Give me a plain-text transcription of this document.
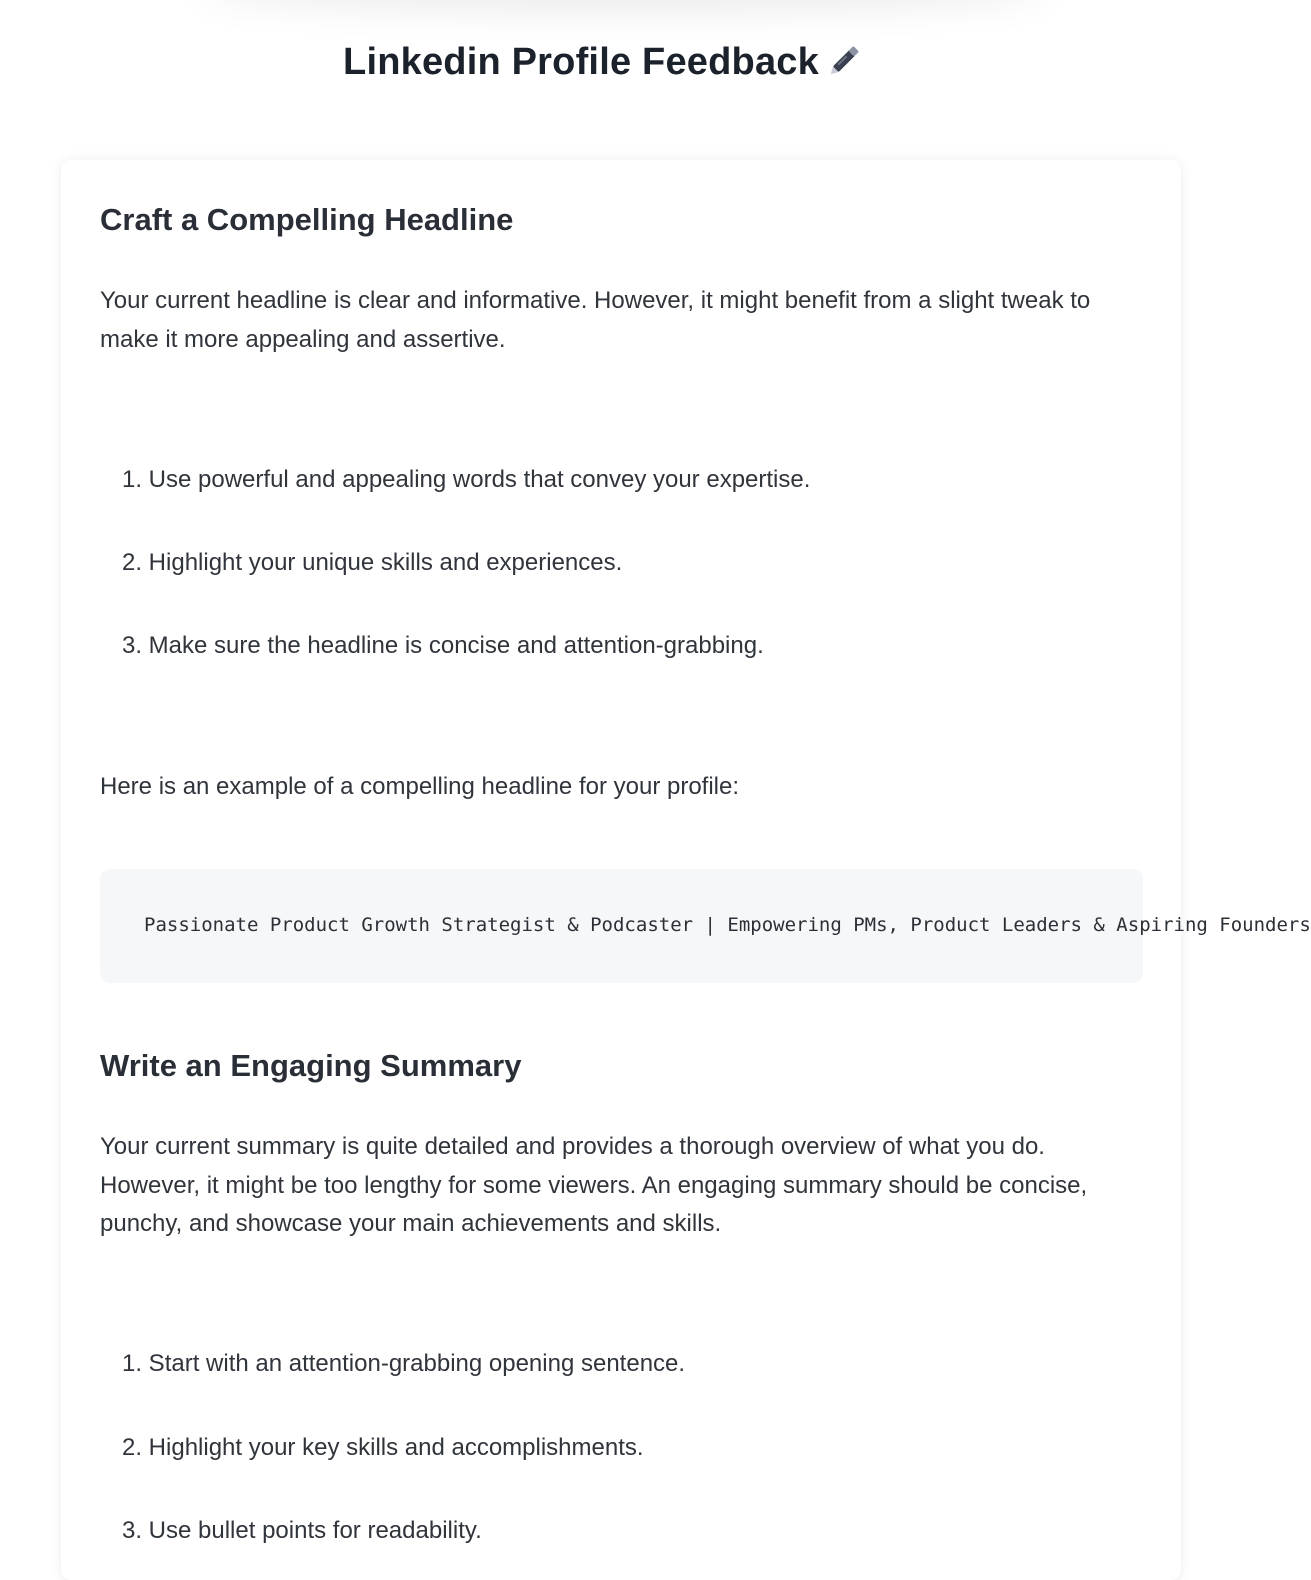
Linkedin Profile Feedback
Craft a Compelling Headline

Your current headline is clear and informative. However, it might benefit from a slight tweak to make it more appealing and assertive.

1. Use powerful and appealing words that convey your expertise.
2. Highlight your unique skills and experiences.
3. Make sure the headline is concise and attention-grabbing.

Here is an example of a compelling headline for your profile:

Passionate Product Growth Strategist & Podcaster | Empowering PMs, Product Leaders & Aspiring Founders
Write an Engaging Summary

Your current summary is quite detailed and provides a thorough overview of what you do. However, it might be too lengthy for some viewers. An engaging summary should be concise, punchy, and showcase your main achievements and skills.

1. Start with an attention-grabbing opening sentence.
2. Highlight your key skills and accomplishments.
3. Use bullet points for readability.
